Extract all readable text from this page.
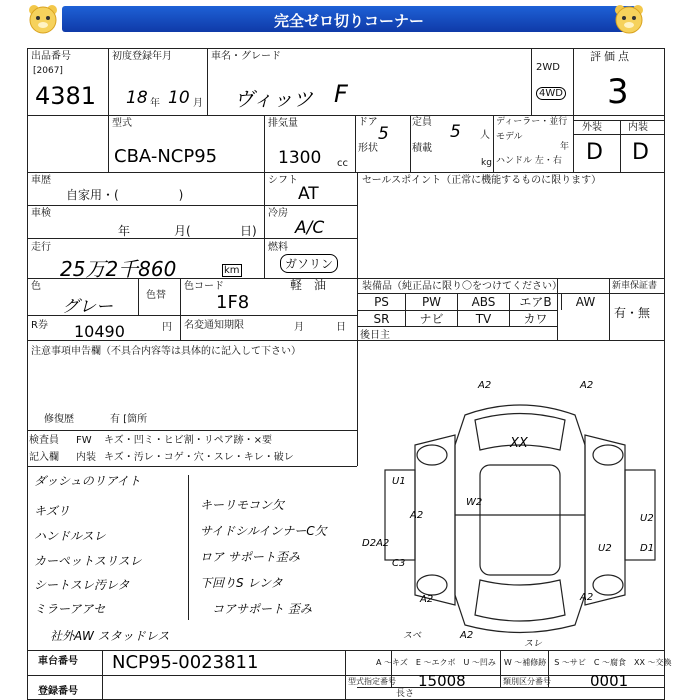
完全ゼロ切りコーナー
出品番号
[2067]
4381
初度登録年月
18 年 10 月
車名・グレード
ヴィッツ F
2WD
4WD
評価点
3
型式
CBA-NCP95
排気量
1300 cc
ドア
5
定員 5 人
ディーラー・並行
モデル
年
形状	積載
kg ハンドル 左・右
外装	内装
D D
車歴
自家用・(　　　　　)
シフト
AT
セールスポイント（正常に機能するものに限ります）
車検
年	月(	日)
冷房
A/C
走行
25万2千860	km
燃料
ガソリン
軽　油
色
グレー
色替
色コード
1F8
装備品（純正品に限り〇をつけてください）	新車保証書
有・無
PS	PW	ABS	エアB	AW
SR	ナビ	TV	カワ
R券 10490	円 名変通知期限	月	日
後日主
注意事項申告欄（不具合内容等は具体的に記入して下さい）
修復歴	有 [箇所
検査員
記入欄
FW キズ・凹ミ・ヒビ割・リペア跡・×要
内装 キズ・汚レ・コゲ・穴・スレ・キレ・破レ
ダッシュのリアイト
キズリ
ハンドルスレ
カーペットスリスレ
シートスレ汚レタ
ミラーアアセ
社外AW スタッドレス
キーリモコン欠
サイドシルインナーC欠
ロア サポート歪み
下回りS レンタ
コアサポート 歪み
A2	A2
XX
U1
W2
A2	U2
U2	D1
C3
A2	A2
A2
スベ
スレ
D2A2
A ～キズ　E ～エクボ　U ～凹み　W ～補修跡　S ～サビ　C ～腐食　XX ～交換
車台番号 NCP95-0023811
型式指定番号 15008	類別区分番号	0001
登録番号	長さ
